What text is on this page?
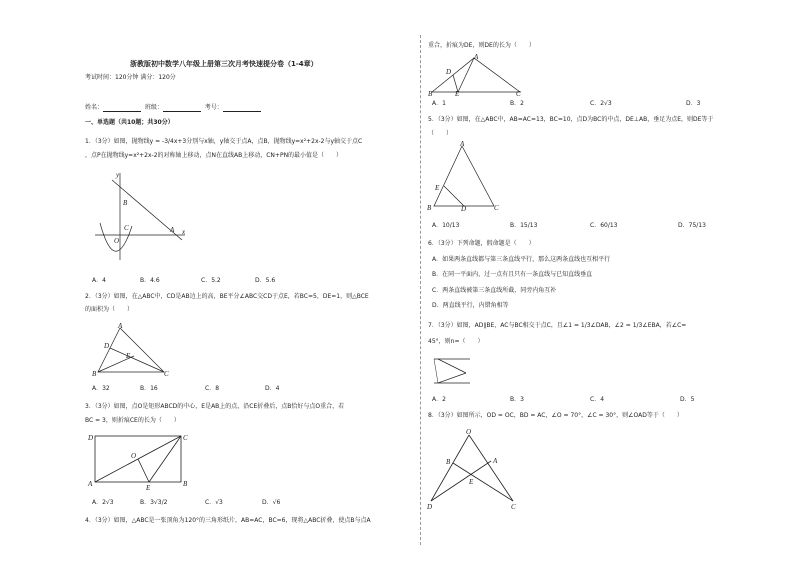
浙教版初中数学八年级上册第三次月考快速提分卷（1-4章）
考试时间：120分钟 满分：120分
姓名：	班级：	考号：
一、单选题（共10题；共30分）
1．（3分）如图，抛物线y = -3/4x+3分别与x轴，y轴交于点A，点B，抛物线y=x²+2x-2与y轴交于点C
，点P在抛物线y=x²+2x-2的对称轴上移动，点N在直线AB上移动，CN+PN的最小值是（　　）
y
B
C
O
A x
A．4	B．4.6	C．5.2	D．5.6
2．（3分）如图，在△ABC中，CD是AB边上的高，BE平分∠ABC交CD于点E，若BC=5，DE=1，则△BCE
的面积为（　　）
A
D
E
B	C
A．32	B．16	C．8	D．4
3．（3分）如图，点O是矩形ABCD的中心，E是AB上的点，沿CE折叠后，点B恰好与点O重合，若
BC = 3，则折痕CE的长为（　　）
D	C
O
A	E	B
A．2√3	B．3√3/2	C．√3	D．√6
4．（3分）如图，△ABC是一张顶角为120°的三角形纸片，AB=AC，BC=6，现将△ABC折叠，使点B与点A
重合，折痕为DE，则DE的长为（　　）
D
A
B	E	C
A．1	B．2	C．2√3	D．3
5．（3分）如图，在△ABC中，AB=AC=13，BC=10，点D为BC的中点，DE⊥AB，垂足为点E，则DE等于
（　　）
A
E
B	D	C
A．10/13	B．15/13	C．60/13	D．75/13
6．（3分）下列命题，假命题是（　　）
A．如果两条直线都与第三条直线平行，那么这两条直线也互相平行
B．在同一平面内，过一点有且只有一条直线与已知直线垂直
C．两条直线被第三条直线所截，同旁内角互补
D．两直线平行，内错角相等
7．（3分）如图，AD∥BE，AC与BC相交于点C，且∠1 = 1/3∠DAB，∠2 = 1/3∠EBA，若∠C=
45°，则n=（　　）
A．2	B．3	C．4	D．5
8．（3分）如图所示，OD = OC，BD = AC，∠O = 70°，∠C = 30°，则∠OAD等于（　　）
O
B	A
E
D	C
